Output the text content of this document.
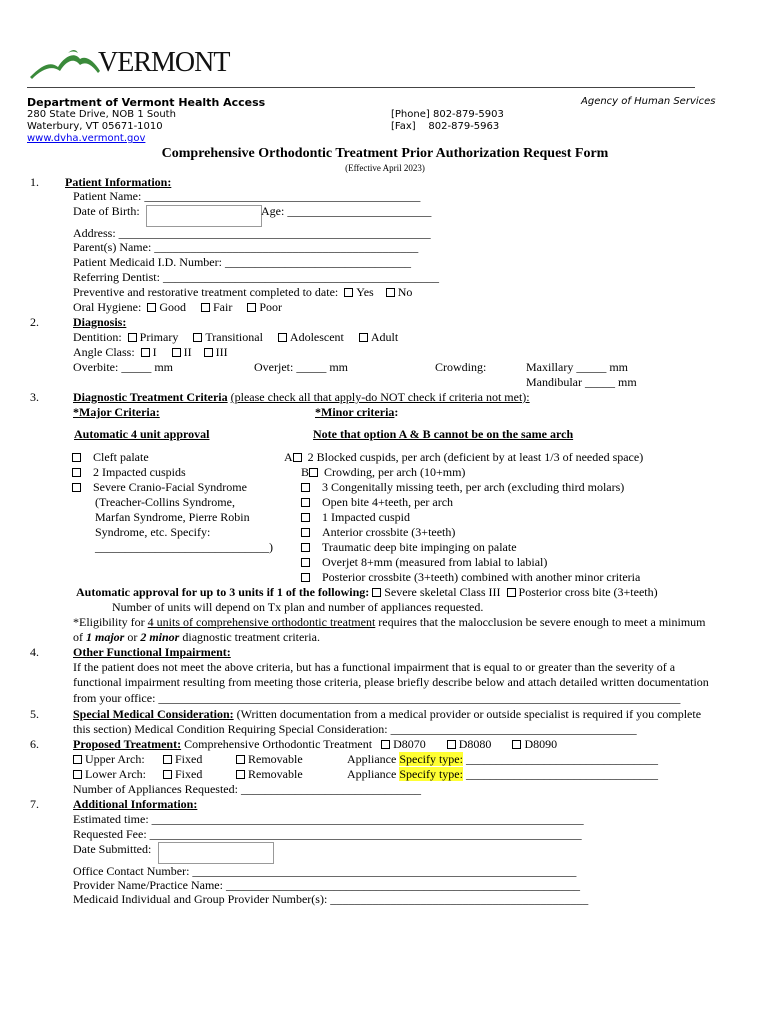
VERMONT
Department of Vermont Health Access	Agency of Human Services
280 State Drive, NOB 1 South
Waterbury, VT 05671-1010
www.dvha.vermont.gov
[Phone] 802-879-5903
[Fax] 802-879-5963
Comprehensive Orthodontic Treatment Prior Authorization Request Form
(Effective April 2023)
1. Patient Information:
Patient Name: ______________________________________________
Date of Birth:	Age: ________________________
Address: ____________________________________________________
Parent(s) Name: ____________________________________________
Patient Medicaid I.D. Number: _______________________________
Referring Dentist: ______________________________________________
Preventive and restorative treatment completed to date: Yes No
Oral Hygiene: Good Fair Poor
2.	Diagnosis:
Dentition: Primary Transitional Adolescent Adult
Angle Class: I II III
Overbite: _____ mm	Overjet: _____ mm	Crowding:	Maxillary _____ mm
Mandibular _____ mm
3.	Diagnostic Treatment Criteria (please check all that apply-do NOT check if criteria not met):
*Major Criteria:	*Minor criteria:
Automatic 4 unit approval	Note that option A & B cannot be on the same arch
Cleft palate
2 Impacted cuspids
Severe Cranio-Facial Syndrome
(Treacher-Collins Syndrome,
Marfan Syndrome, Pierre Robin
Syndrome, etc. Specify:
_____________________________)
A 2 Blocked cuspids, per arch (deficient by at least 1/3 of needed space)
B Crowding, per arch (10+mm)
3 Congenitally missing teeth, per arch (excluding third molars)
Open bite 4+teeth, per arch
1 Impacted cuspid
Anterior crossbite (3+teeth)
Traumatic deep bite impinging on palate
Overjet 8+mm (measured from labial to labial)
Posterior crossbite (3+teeth) combined with another minor criteria
Automatic approval for up to 3 units if 1 of the following: Severe skeletal Class III Posterior cross bite (3+teeth)
Number of units will depend on Tx plan and number of appliances requested.
*Eligibility for 4 units of comprehensive orthodontic treatment requires that the malocclusion be severe enough to meet a minimum
of 1 major or 2 minor diagnostic treatment criteria.
4.	Other Functional Impairment:
If the patient does not meet the above criteria, but has a functional impairment that is equal to or greater than the severity of a
functional impairment resulting from meeting those criteria, please briefly describe below and attach detailed written documentation
from your office: _______________________________________________________________________________________
5.	Special Medical Consideration: (Written documentation from a medical provider or outside specialist is required if you complete
this section) Medical Condition Requiring Special Consideration: _________________________________________
6.	Proposed Treatment: Comprehensive Orthodontic Treatment D8070	D8080	D8090
Upper Arch:	Fixed	Removable	Appliance Specify type: ________________________________
Lower Arch:	Fixed	Removable	Appliance Specify type: ________________________________
Number of Appliances Requested: ______________________________
7.	Additional Information:
Estimated time: ________________________________________________________________________
Requested Fee: ________________________________________________________________________
Date Submitted:
Office Contact Number: ________________________________________________________________
Provider Name/Practice Name: ___________________________________________________________
Medicaid Individual and Group Provider Number(s): ___________________________________________
